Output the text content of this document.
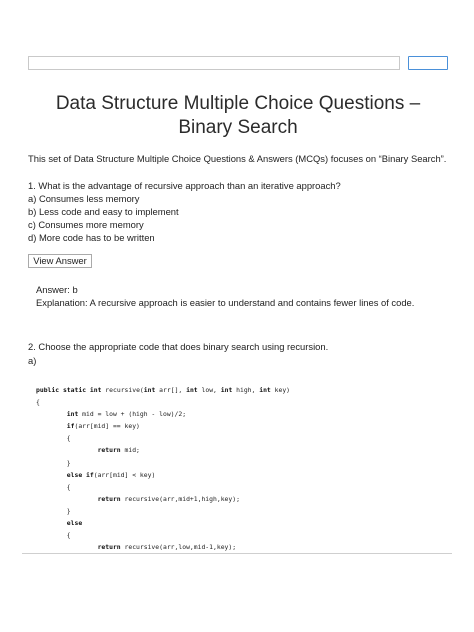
Data Structure Multiple Choice Questions –
Binary Search
This set of Data Structure Multiple Choice Questions & Answers (MCQs) focuses on “Binary Search”.
1. What is the advantage of recursive approach than an iterative approach?
a) Consumes less memory
b) Less code and easy to implement
c) Consumes more memory
d) More code has to be written
View Answer
Answer: b
Explanation: A recursive approach is easier to understand and contains fewer lines of code.
2. Choose the appropriate code that does binary search using recursion.
a)
public static int recursive(int arr[], int low, int high, int key)
{
int mid = low + (high - low)/2;
if(arr[mid] == key)
{
return mid;
}
else if(arr[mid] < key)
{
return recursive(arr,mid+1,high,key);
}
else
{
return recursive(arr,low,mid-1,key);
